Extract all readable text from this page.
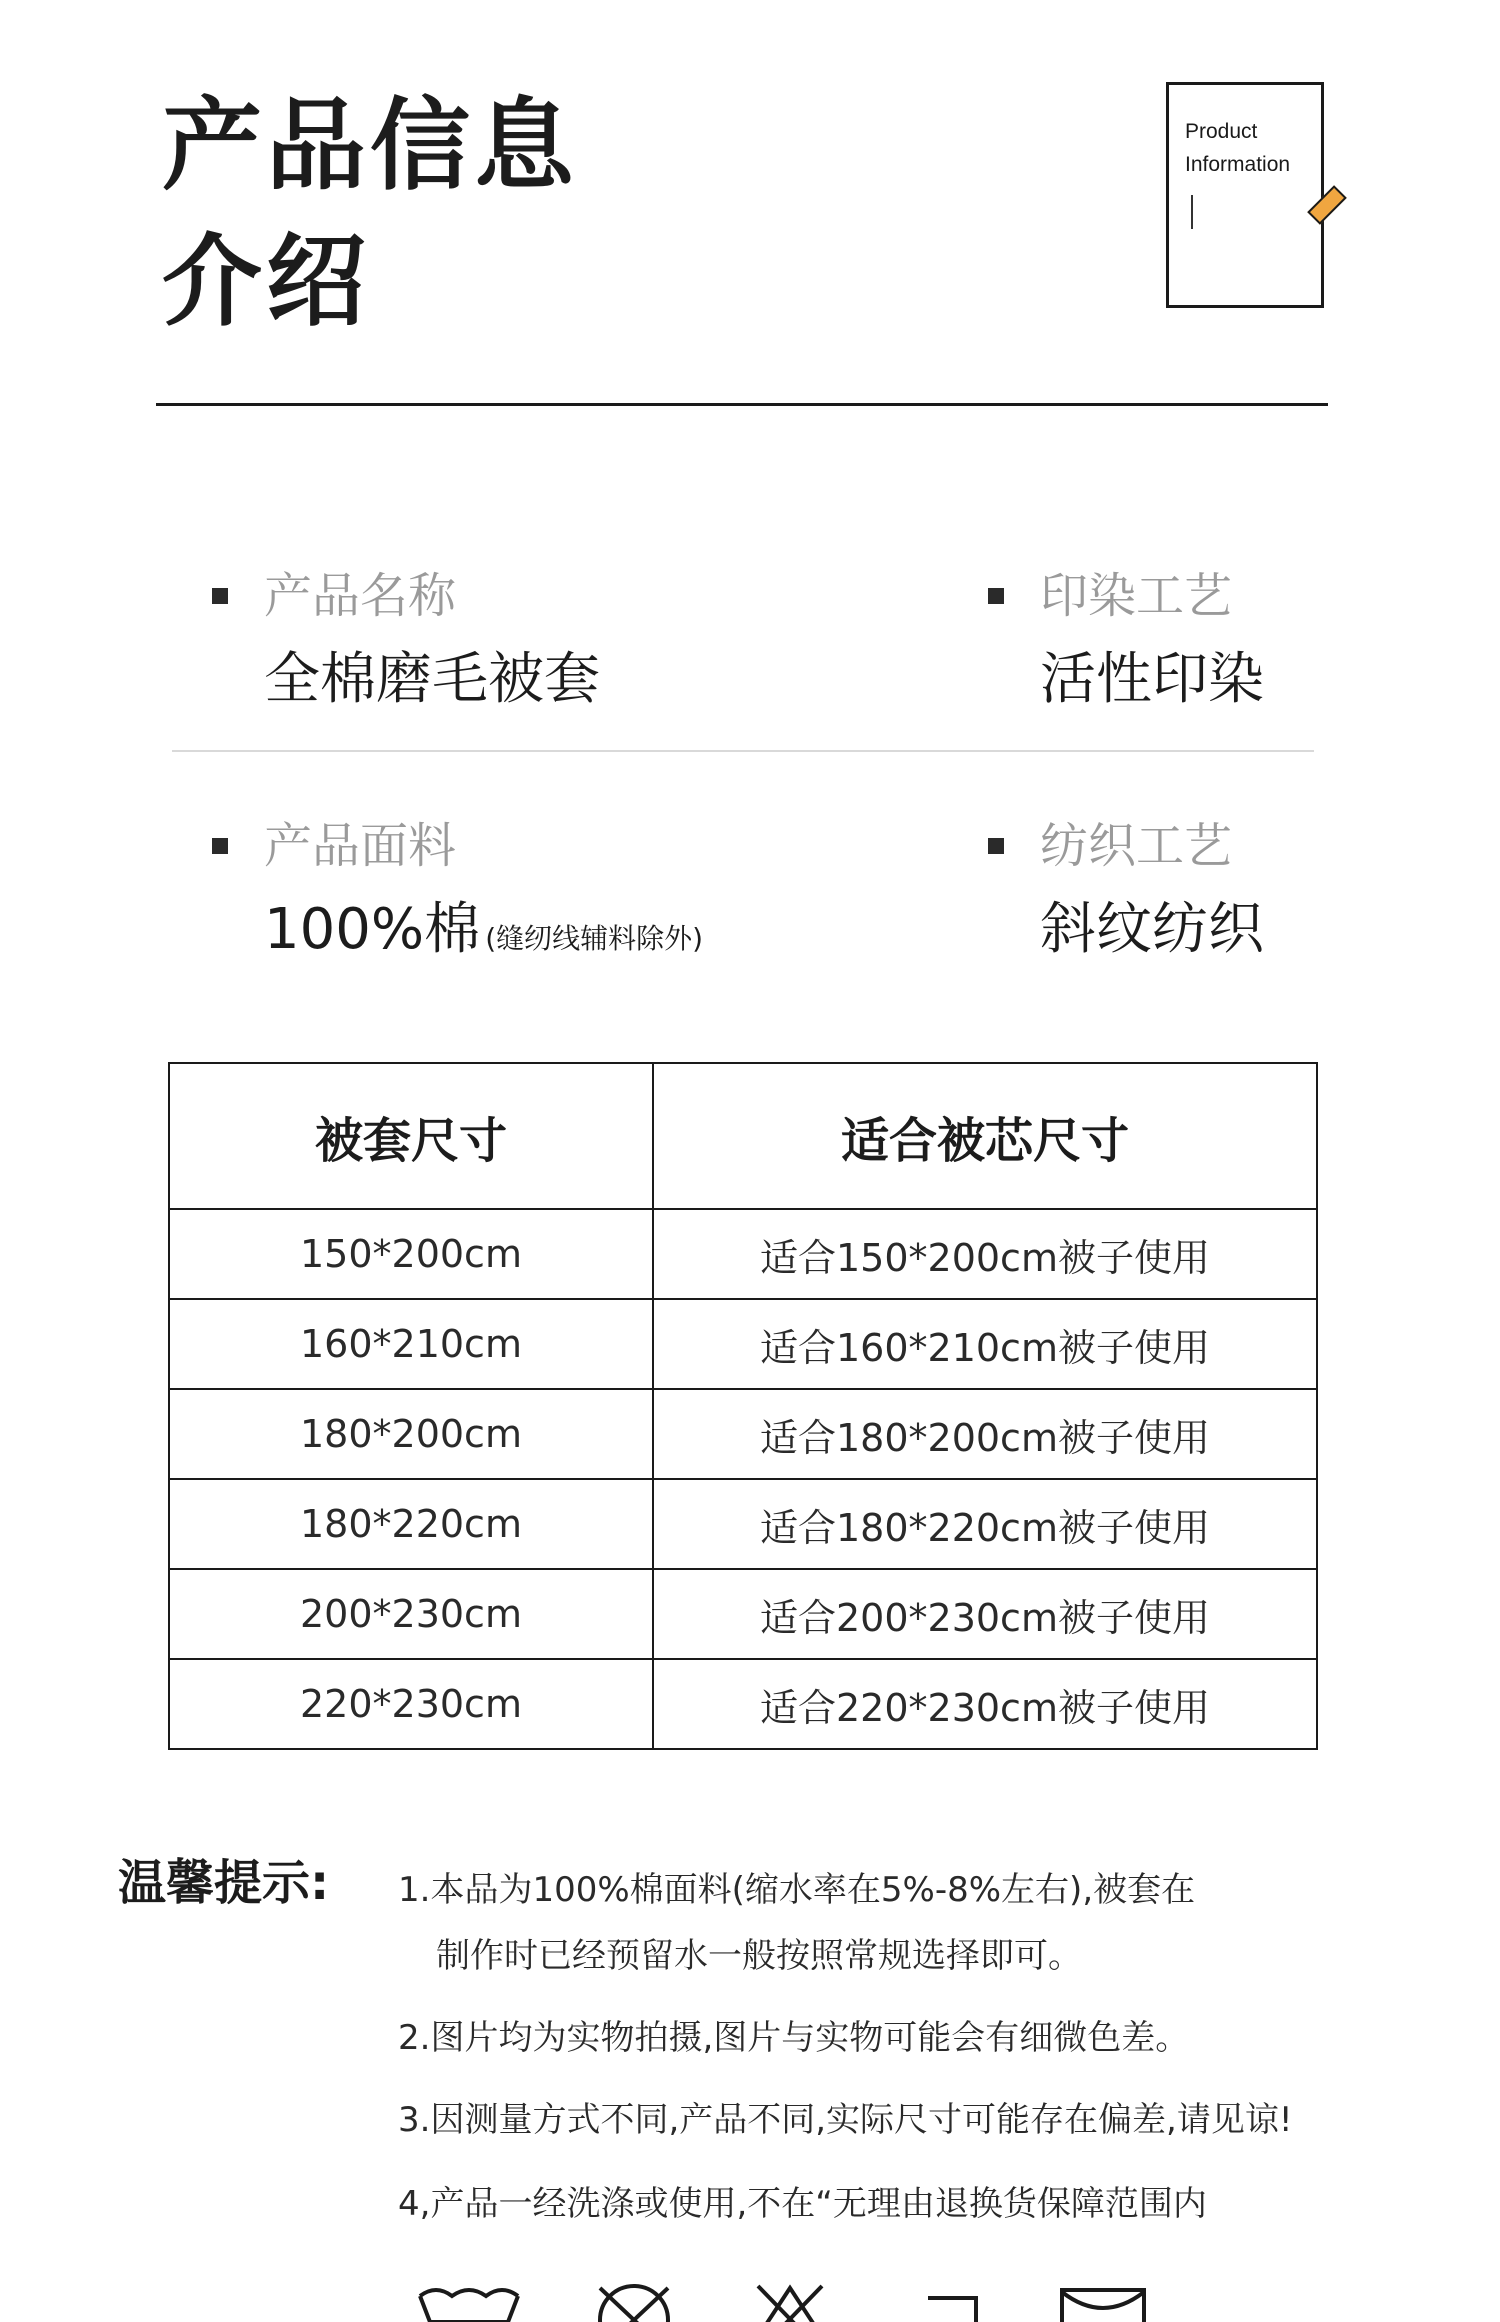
产品信息
介绍
Product
Information
产品名称
全棉磨毛被套
印染工艺
活性印染
产品面料
100%棉 (缝纫线辅料除外)
纺织工艺
斜纹纺织
被套尺寸	适合被芯尺寸
150*200cm	适合150*200cm被子使用
160*210cm	适合160*210cm被子使用
180*200cm	适合180*200cm被子使用
180*220cm	适合180*220cm被子使用
200*230cm	适合200*230cm被子使用
220*230cm	适合220*230cm被子使用
温馨提示: 1.本品为100%棉面料(缩水率在5%-8%左右),被套在
制作时已经预留水一般按照常规选择即可。
2.图片均为实物拍摄,图片与实物可能会有细微色差。
3.因测量方式不同,产品不同,实际尺寸可能存在偏差,请见谅!
4,产品一经洗涤或使用,不在“无理由退换货保障范围内
